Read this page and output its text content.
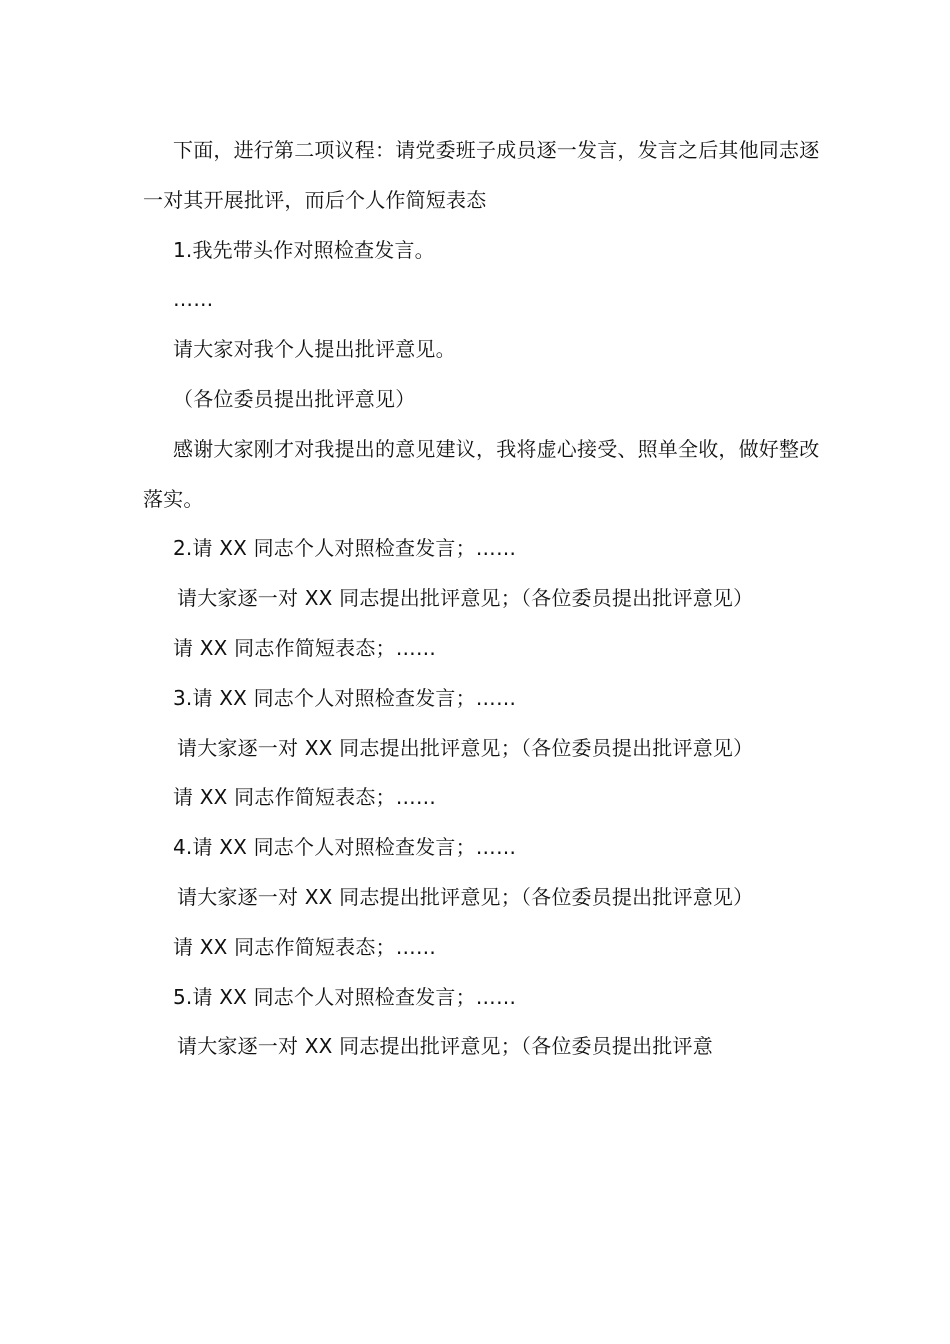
下面，进行第二项议程：请党委班子成员逐一发言，发言之后其他同志逐一对其开展批评，而后个人作简短表态

1.我先带头作对照检查发言。

……

请大家对我个人提出批评意见。

（各位委员提出批评意见）

感谢大家刚才对我提出的意见建议，我将虚心接受、照单全收，做好整改落实。

2.请 XX 同志个人对照检查发言；……

请大家逐一对 XX 同志提出批评意见；（各位委员提出批评意见）

请 XX 同志作简短表态；……

3.请 XX 同志个人对照检查发言；……

请大家逐一对 XX 同志提出批评意见；（各位委员提出批评意见）

请 XX 同志作简短表态；……

4.请 XX 同志个人对照检查发言；……

请大家逐一对 XX 同志提出批评意见；（各位委员提出批评意见）

请 XX 同志作简短表态；……

5.请 XX 同志个人对照检查发言；……

请大家逐一对 XX 同志提出批评意见；（各位委员提出批评意
